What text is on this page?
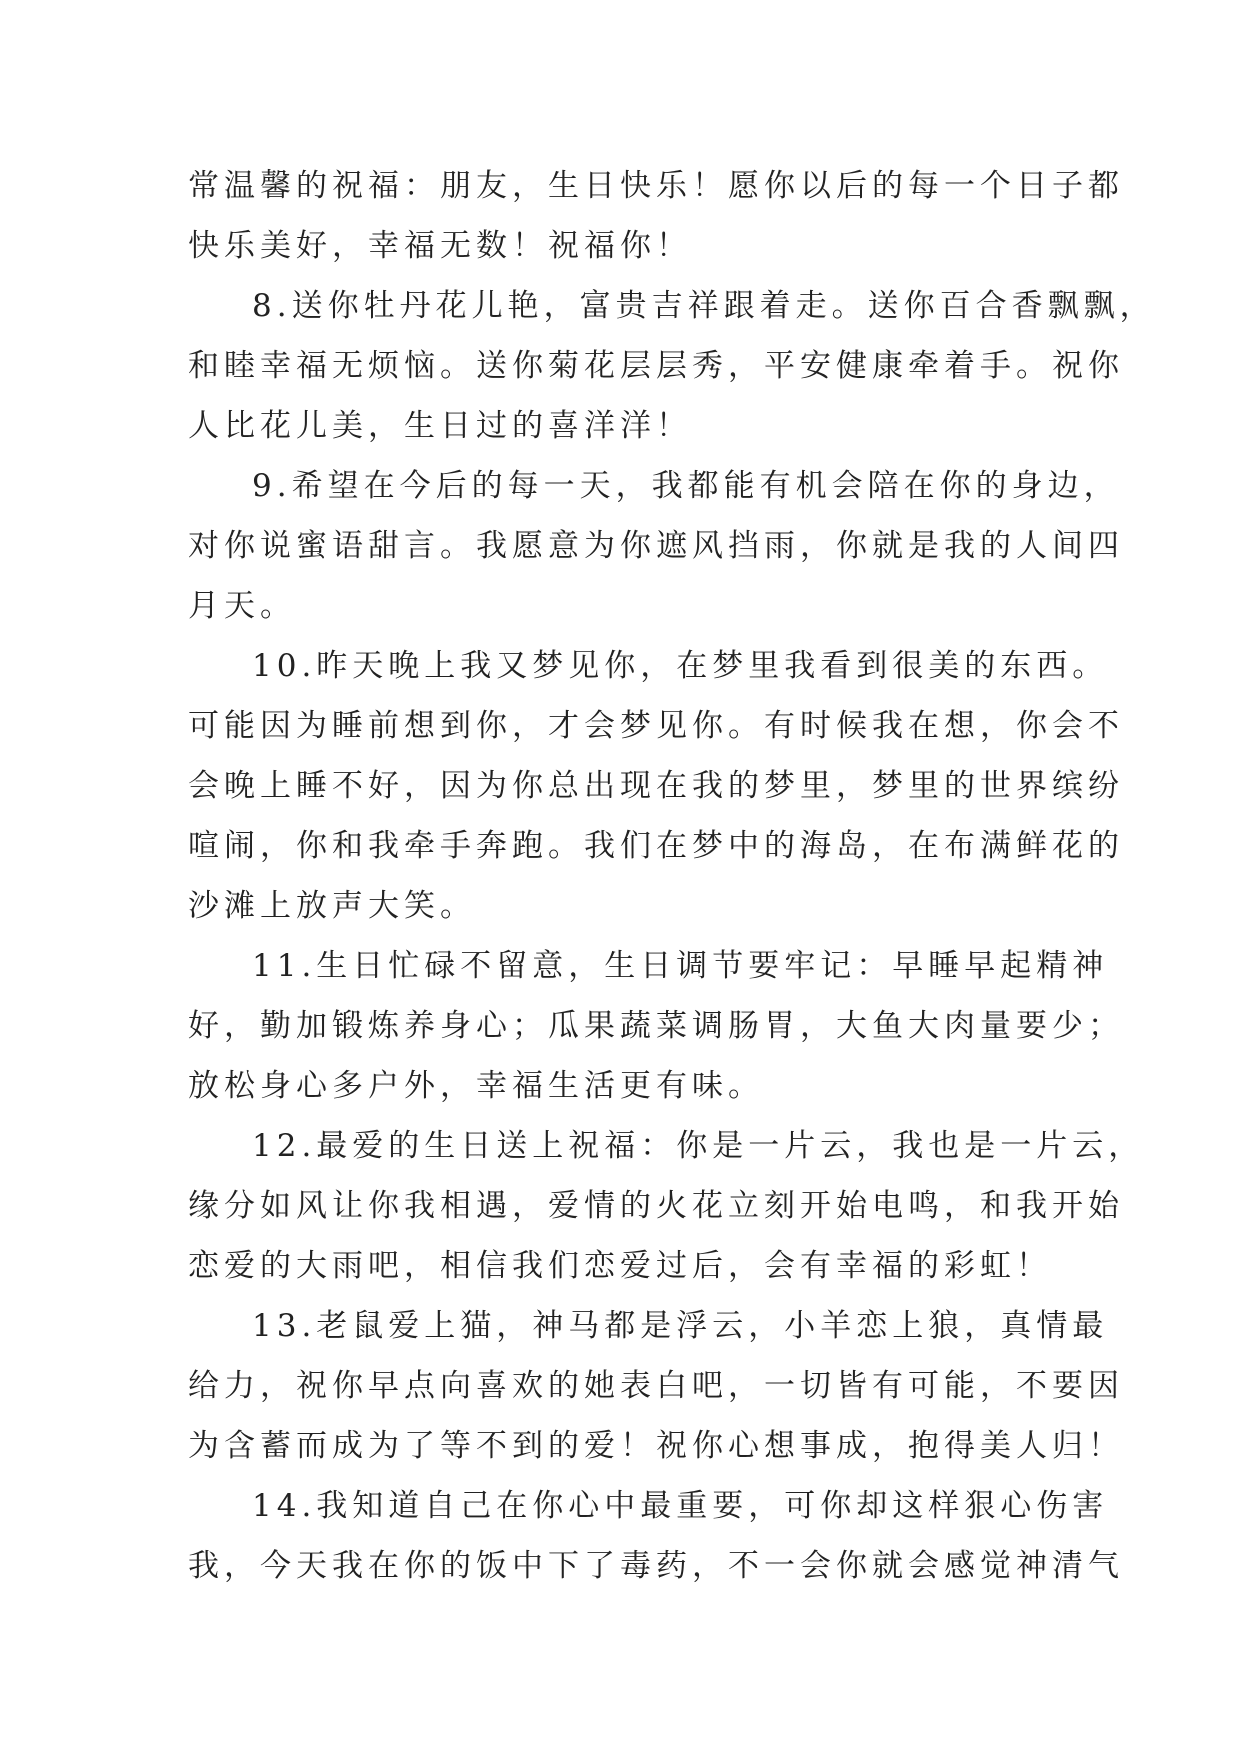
常温馨的祝福：朋友，生日快乐！愿你以后的每一个日子都
快乐美好，幸福无数！祝福你！

8.送你牡丹花儿艳，富贵吉祥跟着走。送你百合香飘飘，
和睦幸福无烦恼。送你菊花层层秀，平安健康牵着手。祝你
人比花儿美，生日过的喜洋洋！

9.希望在今后的每一天，我都能有机会陪在你的身边，
对你说蜜语甜言。我愿意为你遮风挡雨，你就是我的人间四
月天。

10.昨天晚上我又梦见你，在梦里我看到很美的东西。
可能因为睡前想到你，才会梦见你。有时候我在想，你会不
会晚上睡不好，因为你总出现在我的梦里，梦里的世界缤纷
喧闹，你和我牵手奔跑。我们在梦中的海岛，在布满鲜花的
沙滩上放声大笑。

11.生日忙碌不留意，生日调节要牢记：早睡早起精神
好，勤加锻炼养身心；瓜果蔬菜调肠胃，大鱼大肉量要少；
放松身心多户外，幸福生活更有味。

12.最爱的生日送上祝福：你是一片云，我也是一片云，
缘分如风让你我相遇，爱情的火花立刻开始电鸣，和我开始
恋爱的大雨吧，相信我们恋爱过后，会有幸福的彩虹！

13.老鼠爱上猫，神马都是浮云，小羊恋上狼，真情最
给力，祝你早点向喜欢的她表白吧，一切皆有可能，不要因
为含蓄而成为了等不到的爱！祝你心想事成，抱得美人归！

14.我知道自己在你心中最重要，可你却这样狠心伤害
我，今天我在你的饭中下了毒药，不一会你就会感觉神清气
